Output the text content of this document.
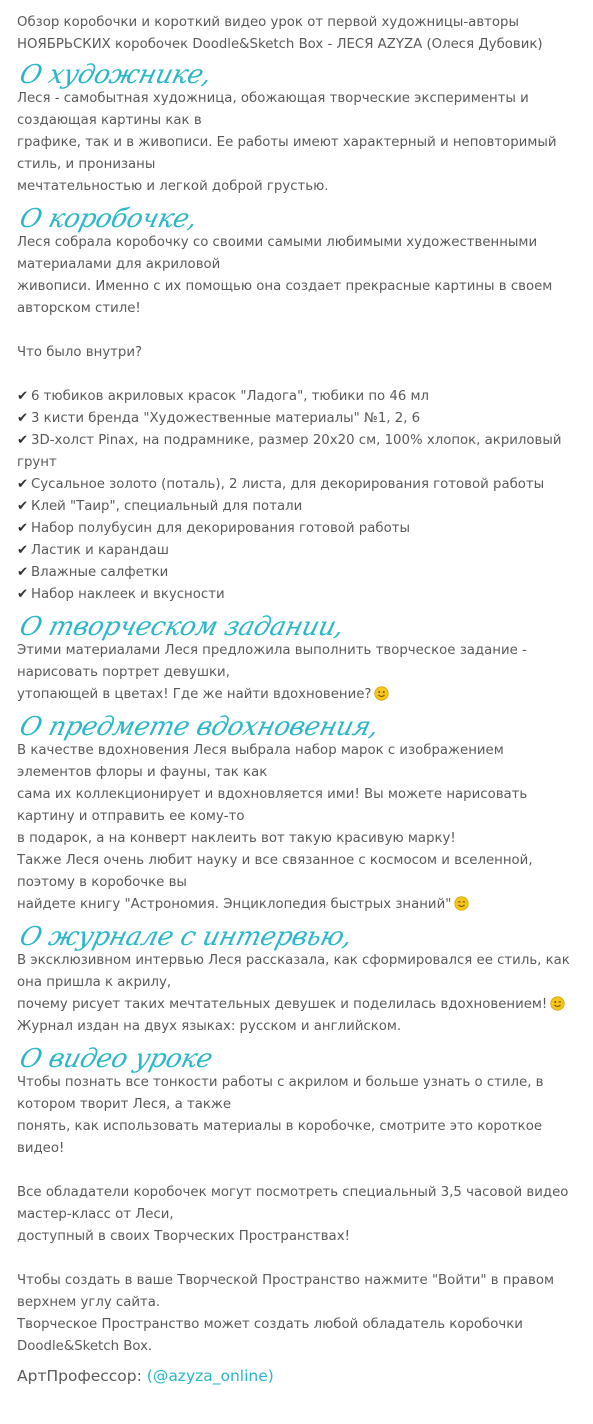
Обзор коробочки и короткий видео урок от первой художницы-авторы
НОЯБРЬСКИХ коробочек Doodle&Sketch Box - ЛЕСЯ AZYZA (Олеся Дубовик)
О художнике,
Леся - самобытная художница, обожающая творческие эксперименты и создающая картины как в
графике, так и в живописи. Ее работы имеют характерный и неповторимый стиль, и пронизаны
мечтательностью и легкой доброй грустью.
О коробочке,
Леся собрала коробочку со своими самыми любимыми художественными материалами для акриловой
живописи. Именно с их помощью она создает прекрасные картины в своем авторском стиле!
Что было внутри?
✔ 6 тюбиков акриловых красок "Ладога", тюбики по 46 мл
✔ 3 кисти бренда "Художественные материалы" №1, 2, 6
✔ 3D-холст Pinax, на подрамнике, размер 20х20 см, 100% хлопок, акриловый грунт
✔ Сусальное золото (поталь), 2 листа, для декорирования готовой работы
✔ Клей "Таир", специальный для потали
✔ Набор полубусин для декорирования готовой работы
✔ Ластик и карандаш
✔ Влажные салфетки
✔ Набор наклеек и вкусности
О творческом задании,
Этими материалами Леся предложила выполнить творческое задание - нарисовать портрет девушки,
утопающей в цветах! Где же найти вдохновение?
О предмете вдохновения,
В качестве вдохновения Леся выбрала набор марок с изображением элементов флоры и фауны, так как
сама их коллекционирует и вдохновляется ими! Вы можете нарисовать картину и отправить ее кому-то
в подарок, а на конверт наклеить вот такую красивую марку!
Также Леся очень любит науку и все связанное с космосом и вселенной, поэтому в коробочке вы
найдете книгу "Астрономия. Энциклопедия быстрых знаний"
О журнале с интервью,
В эксклюзивном интервью Леся рассказала, как сформировался ее стиль, как она пришла к акрилу,
почему рисует таких мечтательных девушек и поделилась вдохновением!
Журнал издан на двух языках: русском и английском.
О видео уроке
Чтобы познать все тонкости работы с акрилом и больше узнать о стиле, в котором творит Леся, а также
понять, как использовать материалы в коробочке, смотрите это короткое видео!
Все обладатели коробочек могут посмотреть специальный 3,5 часовой видео мастер-класс от Леси,
доступный в своих Творческих Пространствах!
Чтобы создать в ваше Творческой Пространство нажмите "Войти" в правом верхнем углу сайта.
Творческое Пространство может создать любой обладатель коробочки Doodle&Sketch Box.
АртПрофессор: (@azyza_online)
